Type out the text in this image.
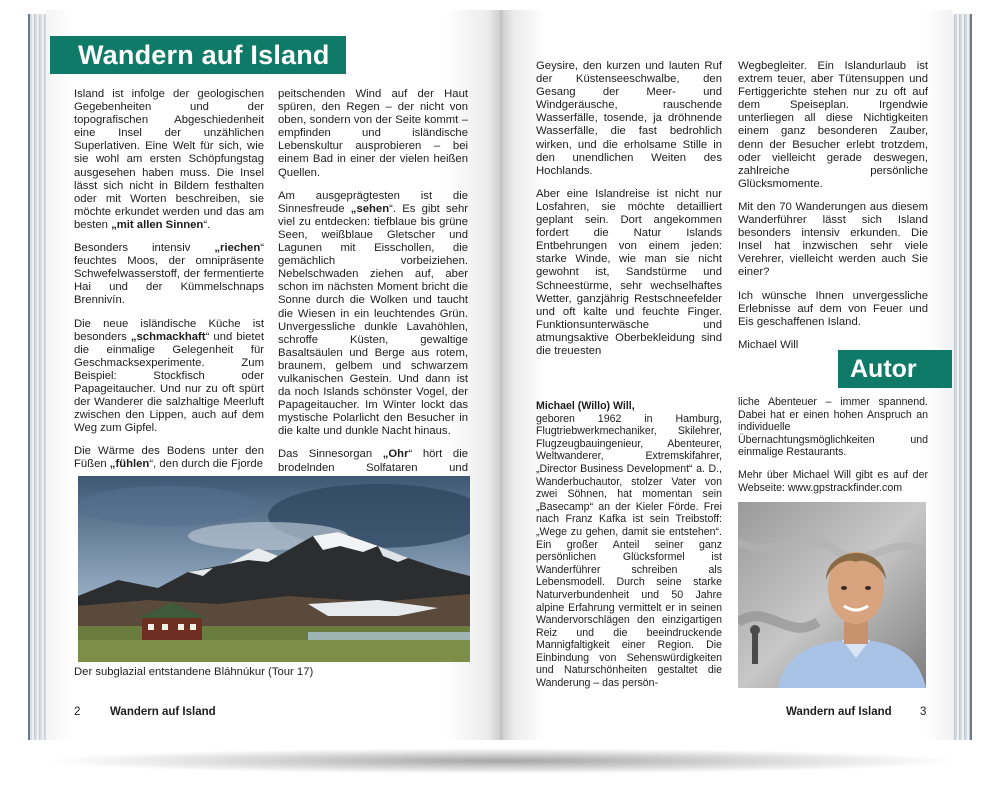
Wandern auf Island

Island ist infolge der geologischen Gegebenheiten und der topografischen Abgeschiedenheit eine Insel der unzählichen Superlativen. Eine Welt für sich, wie sie wohl am ersten Schöpfungstag ausgesehen haben muss. Die Insel lässt sich nicht in Bildern festhalten oder mit Worten beschreiben, sie möchte erkundet werden und das am besten „mit allen Sinnen“.

Besonders intensiv „riechen“ feuchtes Moos, der omnipräsente Schwefelwasserstoff, der fermentierte Hai und der Kümmelschnaps Brennivín.

Die neue isländische Küche ist besonders „schmackhaft“ und bietet die einmalige Gelegenheit für Geschmacksexperimente. Zum Beispiel: Stockfisch oder Papageitaucher. Und nur zu oft spürt der Wanderer die salzhaltige Meerluft zwischen den Lippen, auch auf dem Weg zum Gipfel.

Die Wärme des Bodens unter den Füßen „fühlen“, den durch die Fjorde

peitschenden Wind auf der Haut spüren, den Regen – der nicht von oben, sondern von der Seite kommt – empfinden und isländische Lebenskultur ausprobieren – bei einem Bad in einer der vielen heißen Quellen.

Am ausgeprägtesten ist die Sinnesfreude „sehen“. Es gibt sehr viel zu entdecken: tiefblaue bis grüne Seen, weißblaue Gletscher und Lagunen mit Eisschollen, die gemächlich vorbeiziehen. Nebelschwaden ziehen auf, aber schon im nächsten Moment bricht die Sonne durch die Wolken und taucht die Wiesen in ein leuchtendes Grün. Unvergessliche dunkle Lavahöhlen, schroffe Küsten, gewaltige Basaltsäulen und Berge aus rotem, braunem, gelbem und schwarzem vulkanischen Gestein. Und dann ist da noch Islands schönster Vogel, der Papageitaucher. Im Winter lockt das mystische Polarlicht den Besucher in die kalte und dunkle Nacht hinaus.

Das Sinnesorgan „Ohr“ hört die brodelnden Solfataren und

Der subglazial entstandene Bláhnúkur (Tour 17)
2	Wandern auf Island

Geysire, den kurzen und lauten Ruf der Küstenseeschwalbe, den Gesang der Meer- und Windgeräusche, rauschende Wasserfälle, tosende, ja dröhnende Wasserfälle, die fast bedrohlich wirken, und die erholsame Stille in den unendlichen Weiten des Hochlands.

Aber eine Islandreise ist nicht nur Losfahren, sie möchte detailliert geplant sein. Dort angekommen fordert die Natur Islands Entbehrungen von einem jeden: starke Winde, wie man sie nicht gewohnt ist, Sandstürme und Schneestürme, sehr wechselhaftes Wetter, ganzjährig Restschneefelder und oft kalte und feuchte Finger. Funktionsunterwäsche und atmungsaktive Oberbekleidung sind die treuesten

Wegbegleiter. Ein Islandurlaub ist extrem teuer, aber Tütensuppen und Fertiggerichte stehen nur zu oft auf dem Speiseplan. Irgendwie unterliegen all diese Nichtigkeiten einem ganz besonderen Zauber, denn der Besucher erlebt trotzdem, oder vielleicht gerade deswegen, zahlreiche persönliche Glücksmomente.

Mit den 70 Wanderungen aus diesem Wanderführer lässt sich Island besonders intensiv erkunden. Die Insel hat inzwischen sehr viele Verehrer, vielleicht werden auch Sie einer?

Ich wünsche Ihnen unvergessliche Erlebnisse auf dem von Feuer und Eis geschaffenen Island.

Michael Will

Autor

Michael (Willo) Will,
geboren 1962 in Hamburg, Flugtriebwerkmechaniker, Skilehrer, Flugzeugbauingenieur, Abenteurer, Weltwanderer, Extremskifahrer, „Director Business Development“ a. D., Wanderbuchautor, stolzer Vater von zwei Söhnen, hat momentan sein „Basecamp“ an der Kieler Förde. Frei nach Franz Kafka ist sein Treibstoff: „Wege zu gehen, damit sie entstehen“. Ein großer Anteil seiner ganz persönlichen Glücksformel ist Wanderführer schreiben als Lebensmodell. Durch seine starke Naturverbundenheit und 50 Jahre alpine Erfahrung vermittelt er in seinen Wandervorschlägen den einzigartigen Reiz und die beeindruckende Mannigfaltigkeit einer Region. Die Einbindung von Sehenswürdigkeiten und Naturschönheiten gestaltet die Wanderung – das persön-

liche Abenteuer – immer spannend. Dabei hat er einen hohen Anspruch an individuelle Übernachtungsmöglichkeiten und einmalige Restaurants.

Mehr über Michael Will gibt es auf der Webseite: www.gpstrackfinder.com

Wandern auf Island 3
